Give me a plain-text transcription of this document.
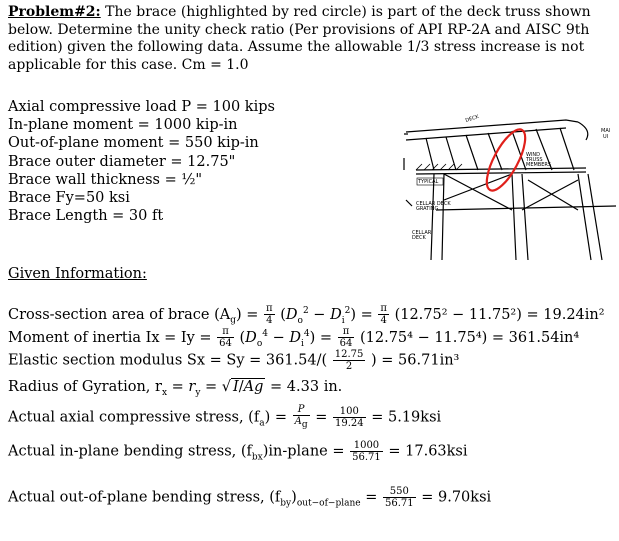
Problem#2: The brace (highlighted by red circle) is part of the deck truss shown below. Determine the unity check ratio (Per provisions of API RP-2A and AISC 9th edition) given the following data. Assume the allowable 1/3 stress increase is not applicable for this case. Cm = 1.0
Axial compressive load P = 100 kips
In-plane moment = 1000 kip-in
Out-of-plane moment = 550 kip-in
Brace outer diameter = 12.75"
Brace wall thickness = ½"
Brace Fy=50 ksi
Brace Length = 30 ft
DECK
MAI
UI
TYPICAL
WIND
TRUSS
MEMBERS
CELLAR DECK
GRATING
CELLAR
DECK
Given Information:
Cross-section area of brace $(A_g) = \frac{\pi}{4} (D_o^2 - D_i^2) = \frac{\pi}{4} (12.75^2 - 11.75^2) = 19.24in^2$
Moment of inertia $Ix = Iy = \frac{\pi}{64} (D_o^4 - D_i^4) = \frac{\pi}{64} (12.75^4 - 11.75^4) = 361.54in^4$
Elastic section modulus $Sx = Sy = 361.54/( \frac{12.75}{2}$ ) = 56.71in³
Radius of Gyration, $r_x = r_y$ = √ I/Ag = 4.33 in.
Actual axial compressive stress, $(f_a) = \frac{P}{A_g} = \frac{100}{19.24} = 5.19ksi$
Actual in-plane bending stress, $(f_{bx})in$-plane = $\frac{1000}{56.71} = 17.63ksi$
Actual out-of-plane bending stress, $(f_{by})_{out-of-plane} = \frac{550}{56.71} = 9.70ksi$
